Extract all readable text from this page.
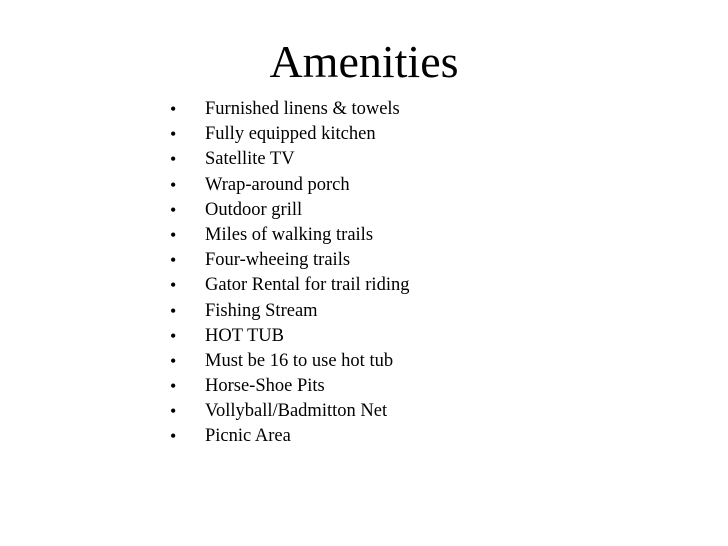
Amenities
•	Furnished linens & towels
•	Fully equipped kitchen
•	Satellite TV
•	Wrap-around porch
•	Outdoor grill
•	Miles of walking trails
•	Four-wheeing trails
•	Gator Rental for trail riding
•	Fishing Stream
•	HOT TUB
•	Must be 16 to use hot tub
•	Horse-Shoe Pits
•	Vollyball/Badmitton Net
•	Picnic Area
